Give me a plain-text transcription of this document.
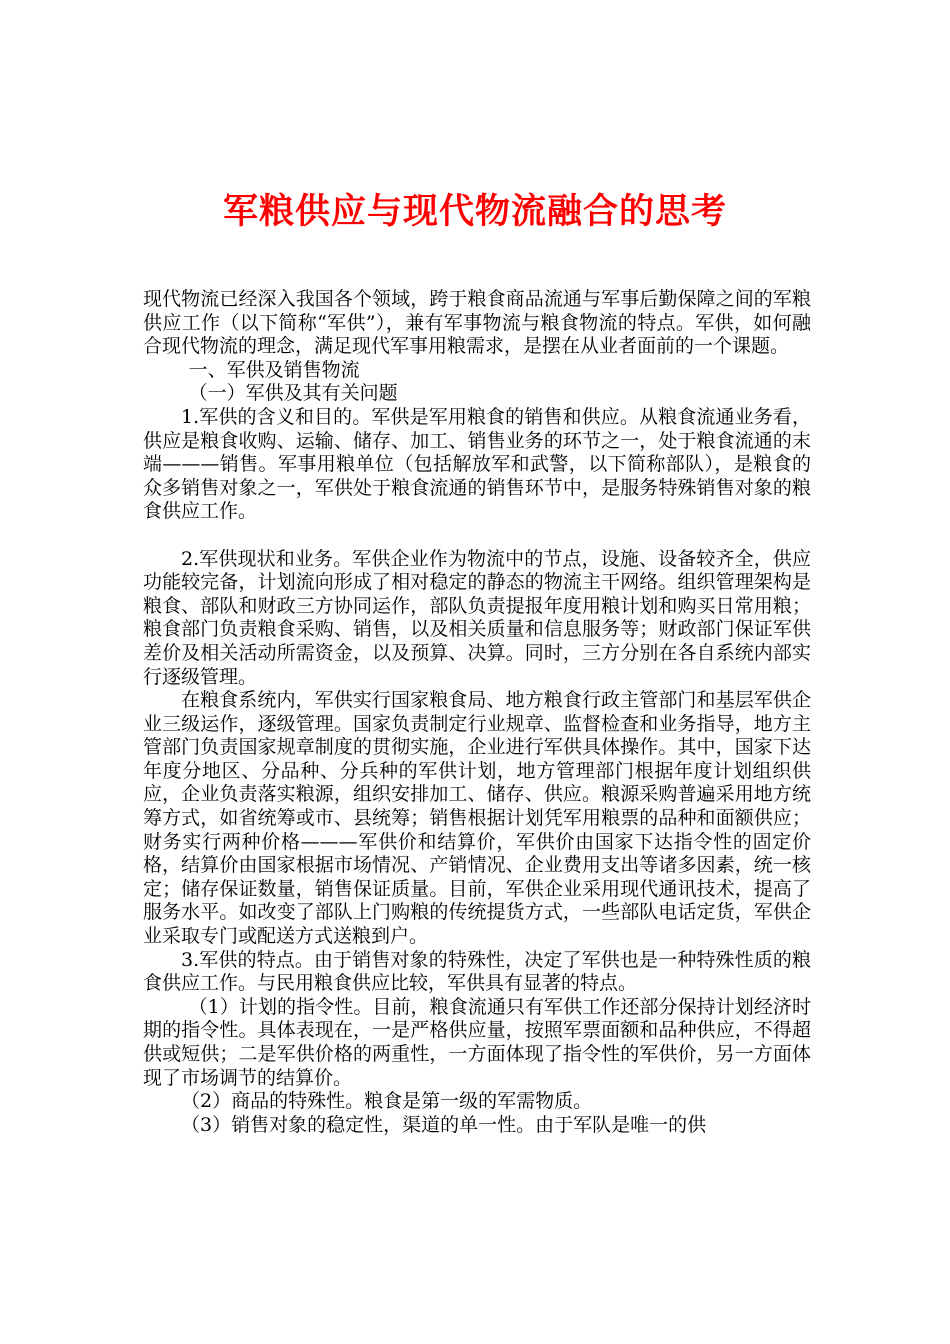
军粮供应与现代物流融合的思考

现代物流已经深入我国各个领域，跨于粮食商品流通与军事后勤保障之间的军粮供应工作（以下简称“军供”），兼有军事物流与粮食物流的特点。军供，如何融合现代物流的理念，满足现代军事用粮需求，是摆在从业者面前的一个课题。

一、军供及销售物流

（一）军供及其有关问题

1.军供的含义和目的。军供是军用粮食的销售和供应。从粮食流通业务看，供应是粮食收购、运输、储存、加工、销售业务的环节之一，处于粮食流通的末端———销售。军事用粮单位（包括解放军和武警，以下简称部队），是粮食的众多销售对象之一，军供处于粮食流通的销售环节中，是服务特殊销售对象的粮食供应工作。

2.军供现状和业务。军供企业作为物流中的节点，设施、设备较齐全，供应功能较完备，计划流向形成了相对稳定的静态的物流主干网络。组织管理架构是粮食、部队和财政三方协同运作，部队负责提报年度用粮计划和购买日常用粮；粮食部门负责粮食采购、销售，以及相关质量和信息服务等；财政部门保证军供差价及相关活动所需资金，以及预算、决算。同时，三方分别在各自系统内部实行逐级管理。

在粮食系统内，军供实行国家粮食局、地方粮食行政主管部门和基层军供企业三级运作，逐级管理。国家负责制定行业规章、监督检查和业务指导，地方主管部门负责国家规章制度的贯彻实施，企业进行军供具体操作。其中，国家下达年度分地区、分品种、分兵种的军供计划，地方管理部门根据年度计划组织供应，企业负责落实粮源，组织安排加工、储存、供应。粮源采购普遍采用地方统筹方式，如省统筹或市、县统筹；销售根据计划凭军用粮票的品种和面额供应；财务实行两种价格———军供价和结算价，军供价由国家下达指令性的固定价格，结算价由国家根据市场情况、产销情况、企业费用支出等诸多因素，统一核定；储存保证数量，销售保证质量。目前，军供企业采用现代通讯技术，提高了服务水平。如改变了部队上门购粮的传统提货方式，一些部队电话定货，军供企业采取专门或配送方式送粮到户。

3.军供的特点。由于销售对象的特殊性，决定了军供也是一种特殊性质的粮食供应工作。与民用粮食供应比较，军供具有显著的特点。

（1）计划的指令性。目前，粮食流通只有军供工作还部分保持计划经济时期的指令性。具体表现在，一是严格供应量，按照军票面额和品种供应，不得超供或短供；二是军供价格的两重性，一方面体现了指令性的军供价，另一方面体现了市场调节的结算价。

（2）商品的特殊性。粮食是第一级的军需物质。

（3）销售对象的稳定性，渠道的单一性。由于军队是唯一的供
